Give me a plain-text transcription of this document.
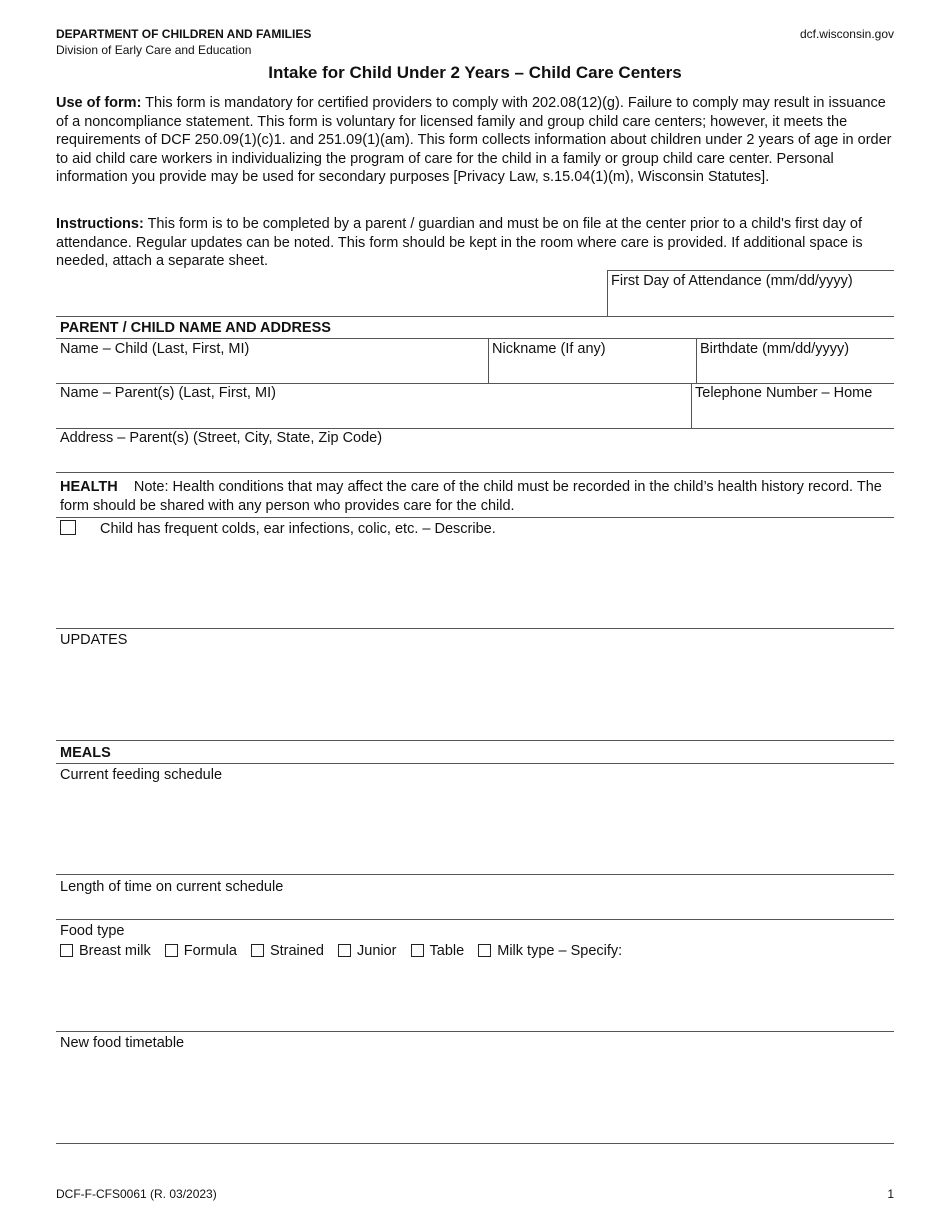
DEPARTMENT OF CHILDREN AND FAMILIES
Division of Early Care and Education
dcf.wisconsin.gov
Intake for Child Under 2 Years – Child Care Centers
Use of form: This form is mandatory for certified providers to comply with 202.08(12)(g). Failure to comply may result in issuance of a noncompliance statement. This form is voluntary for licensed family and group child care centers; however, it meets the requirements of DCF 250.09(1)(c)1. and 251.09(1)(am). This form collects information about children under 2 years of age in order to aid child care workers in individualizing the program of care for the child in a family or group child care center. Personal information you provide may be used for secondary purposes [Privacy Law, s.15.04(1)(m), Wisconsin Statutes].
Instructions: This form is to be completed by a parent / guardian and must be on file at the center prior to a child's first day of attendance. Regular updates can be noted. This form should be kept in the room where care is provided. If additional space is needed, attach a separate sheet.
First Day of Attendance (mm/dd/yyyy)
PARENT / CHILD NAME AND ADDRESS
Name – Child (Last, First, MI)	Nickname (If any)	Birthdate (mm/dd/yyyy)
Name – Parent(s) (Last, First, MI)	Telephone Number – Home
Address – Parent(s) (Street, City, State, Zip Code)
HEALTH Note: Health conditions that may affect the care of the child must be recorded in the child’s health history record. The form should be shared with any person who provides care for the child.
Child has frequent colds, ear infections, colic, etc. – Describe.
UPDATES
MEALS
Current feeding schedule
Length of time on current schedule
Food type
Breast milk Formula Strained Junior Table Milk type – Specify:
New food timetable
DCF-F-CFS0061 (R. 03/2023)	1
